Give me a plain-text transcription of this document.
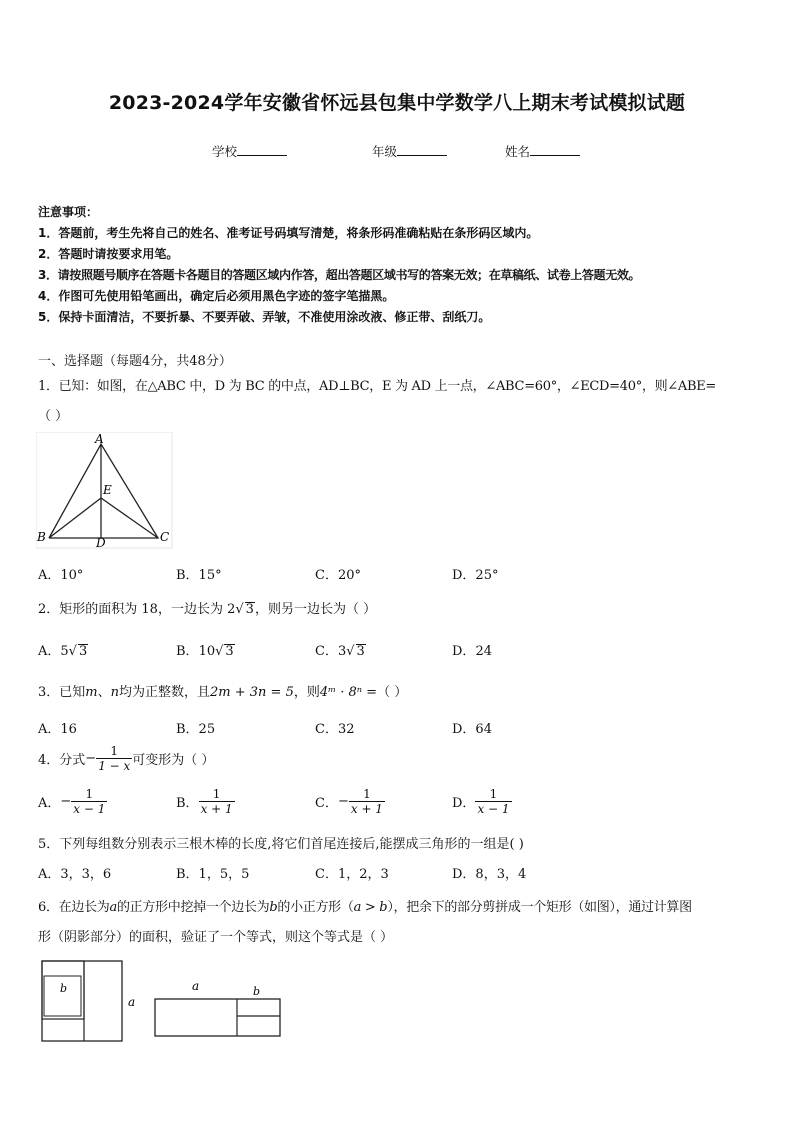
2023-2024学年安徽省怀远县包集中学数学八上期末考试模拟试题
学校	年级	姓名
注意事项：
1．答题前，考生先将自己的姓名、准考证号码填写清楚，将条形码准确粘贴在条形码区域内。
2．答题时请按要求用笔。
3．请按照题号顺序在答题卡各题目的答题区域内作答，超出答题区域书写的答案无效；在草稿纸、试卷上答题无效。
4．作图可先使用铅笔画出，确定后必须用黑色字迹的签字笔描黑。
5．保持卡面清洁，不要折暴、不要弄破、弄皱，不准使用涂改液、修正带、刮纸刀。
一、选择题（每题4分，共48分）
1．已知：如图，在△ABC 中，D 为 BC 的中点，AD⊥BC，E 为 AD 上一点，∠ABC=60°，∠ECD=40°，则∠ABE=
（ ）
A
B	C
D
E
A．10°	B．15°	C．20°	D．25°
2．矩形的面积为 18，一边长为 2√ 3，则另一边长为（ ）
A．5√ 3	B．10√ 3	C．3√ 3	D．24
3．已知m、n均为正整数，且2m + 3n = 5，则4ᵐ · 8ⁿ =（ ）
A．16	B．25	C．32	D．64
4．分式− $\frac{1}{1 - x}$ 可变形为（ ）
A．− $\frac{1}{x - 1}$	B． $\frac{1}{x + 1}$	C．− $\frac{1}{x + 1}$	D． $\frac{1}{x - 1}$
5．下列每组数分别表示三根木棒的长度,将它们首尾连接后,能摆成三角形的一组是( )
A．3，3，6	B．1，5，5	C．1，2，3	D．8，3，4
6．在边长为a的正方形中挖掉一个边长为b的小正方形（a > b），把余下的部分剪拼成一个矩形（如图），通过计算图
形（阴影部分）的面积，验证了一个等式，则这个等式是（ ）
b
a
a	b
